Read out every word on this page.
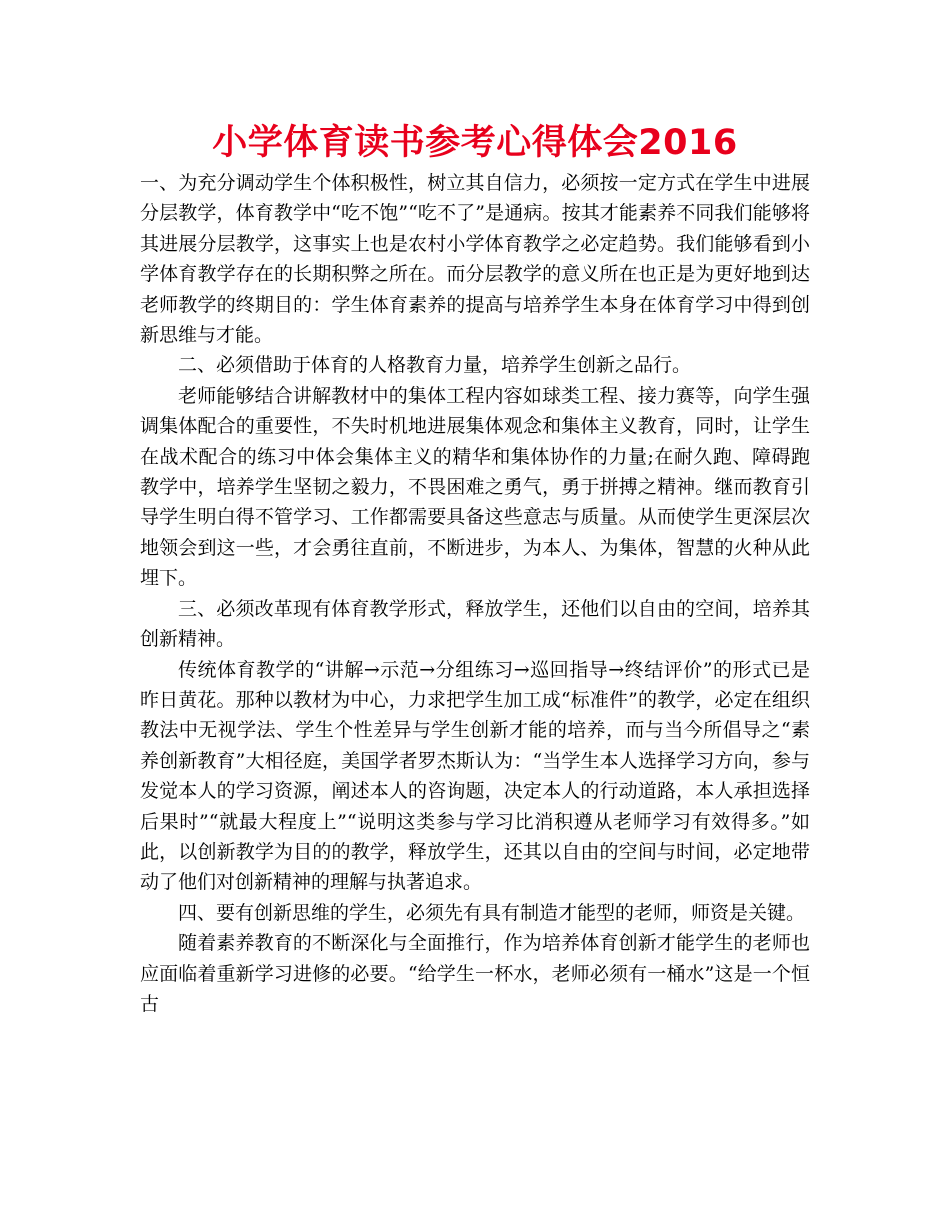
小学体育读书参考心得体会2016

一、为充分调动学生个体积极性，树立其自信力，必须按一定方式在学生中进展分层教学，体育教学中“吃不饱”“吃不了”是通病。按其才能素养不同我们能够将其进展分层教学，这事实上也是农村小学体育教学之必定趋势。我们能够看到小学体育教学存在的长期积弊之所在。而分层教学的意义所在也正是为更好地到达老师教学的终期目的：学生体育素养的提高与培养学生本身在体育学习中得到创新思维与才能。

二、必须借助于体育的人格教育力量，培养学生创新之品行。

老师能够结合讲解教材中的集体工程内容如球类工程、接力赛等，向学生强调集体配合的重要性，不失时机地进展集体观念和集体主义教育，同时，让学生在战术配合的练习中体会集体主义的精华和集体协作的力量;在耐久跑、障碍跑教学中，培养学生坚韧之毅力，不畏困难之勇气，勇于拼搏之精神。继而教育引导学生明白得不管学习、工作都需要具备这些意志与质量。从而使学生更深层次地领会到这一些，才会勇往直前，不断进步，为本人、为集体，智慧的火种从此埋下。

三、必须改革现有体育教学形式，释放学生，还他们以自由的空间，培养其创新精神。

传统体育教学的“讲解→示范→分组练习→巡回指导→终结评价”的形式已是昨日黄花。那种以教材为中心，力求把学生加工成“标准件”的教学，必定在组织教法中无视学法、学生个性差异与学生创新才能的培养，而与当今所倡导之“素养创新教育”大相径庭，美国学者罗杰斯认为：“当学生本人选择学习方向，参与发觉本人的学习资源，阐述本人的咨询题，决定本人的行动道路，本人承担选择后果时”“就最大程度上”“说明这类参与学习比消积遵从老师学习有效得多。”如此，以创新教学为目的的教学，释放学生，还其以自由的空间与时间，必定地带动了他们对创新精神的理解与执著追求。

四、要有创新思维的学生，必须先有具有制造才能型的老师，师资是关键。

随着素养教育的不断深化与全面推行，作为培养体育创新才能学生的老师也应面临着重新学习进修的必要。“给学生一杯水，老师必须有一桶水”这是一个恒古
